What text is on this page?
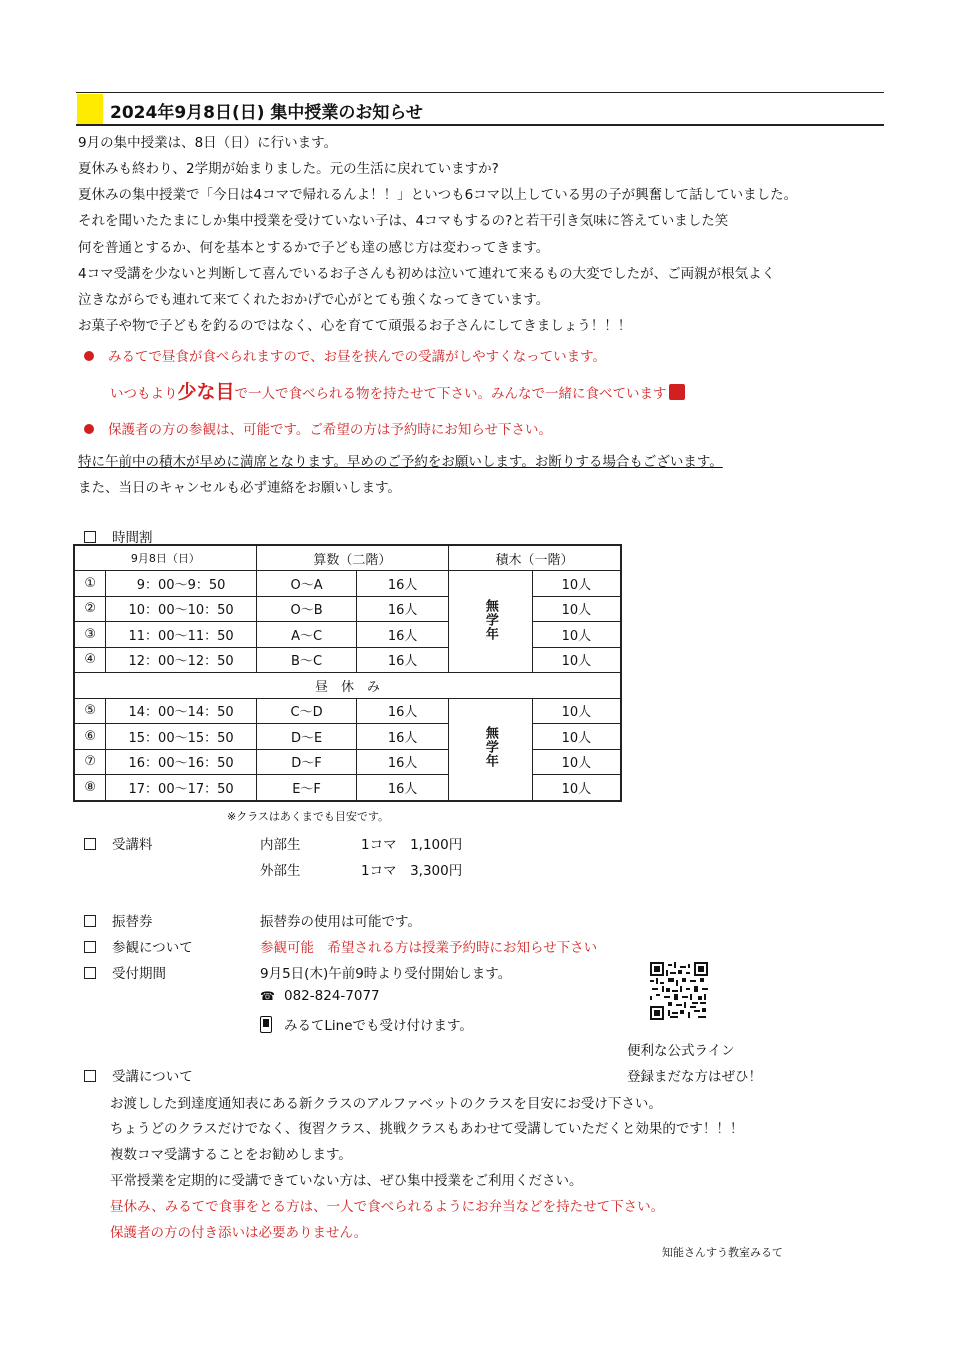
2024年9月8日(日) 集中授業のお知らせ
9月の集中授業は、8日（日）に行います。
夏休みも終わり、2学期が始まりました。元の生活に戻れていますか?
夏休みの集中授業で「今日は4コマで帰れるんよ！！」といつも6コマ以上している男の子が興奮して話していました。
それを聞いたたまにしか集中授業を受けていない子は、4コマもするの?と若干引き気味に答えていました笑
何を普通とするか、何を基本とするかで子ども達の感じ方は変わってきます。
4コマ受講を少ないと判断して喜んでいるお子さんも初めは泣いて連れて来るもの大変でしたが、ご両親が根気よく
泣きながらでも連れて来てくれたおかげで心がとても強くなってきています。
お菓子や物で子どもを釣るのではなく、心を育てて頑張るお子さんにしてきましょう！！！
みるてで昼食が食べられますので、お昼を挟んでの受講がしやすくなっています。
いつもより少な目で一人で食べられる物を持たせて下さい。みんなで一緒に食べています
保護者の方の参観は、可能です。ご希望の方は予約時にお知らせ下さい。
特に午前中の積木が早めに満席となります。早めのご予約をお願いします。お断りする場合もございます。
また、当日のキャンセルも必ず連絡をお願いします。
時間割
9月8日（日）		算数（二階）		積木（一階）	
①	9：00～9：50	O～A	16人	無学年	10人
②	10：00～10：50	O～B	16人		10人
③	11：00～11：50	A～C	16人		10人
④	12：00～12：50	B～C	16人		10人
昼　休　み					
⑤	14：00～14：50	C～D	16人	無学年	10人
⑥	15：00～15：50	D～E	16人		10人
⑦	16：00～16：50	D～F	16人		10人
⑧	17：00～17：50	E～F	16人		10人
※クラスはあくまでも目安です。
受講料	内部生	1コマ　1,100円
外部生	1コマ　3,300円
振替券	振替券の使用は可能です。
参観について	参観可能　希望される方は授業予約時にお知らせ下さい
受付期間	9月5日(木)午前9時より受付開始します。
☎ 082-824-7077
みるてLineでも受け付けます。
便利な公式ライン
登録まだな方はぜひ！
受講について
お渡しした到達度通知表にある新クラスのアルファベットのクラスを目安にお受け下さい。
ちょうどのクラスだけでなく、復習クラス、挑戦クラスもあわせて受講していただくと効果的です！！！
複数コマ受講することをお勧めします。
平常授業を定期的に受講できていない方は、ぜひ集中授業をご利用ください。
昼休み、みるてで食事をとる方は、一人で食べられるようにお弁当などを持たせて下さい。
保護者の方の付き添いは必要ありません。
知能さんすう教室みるて
